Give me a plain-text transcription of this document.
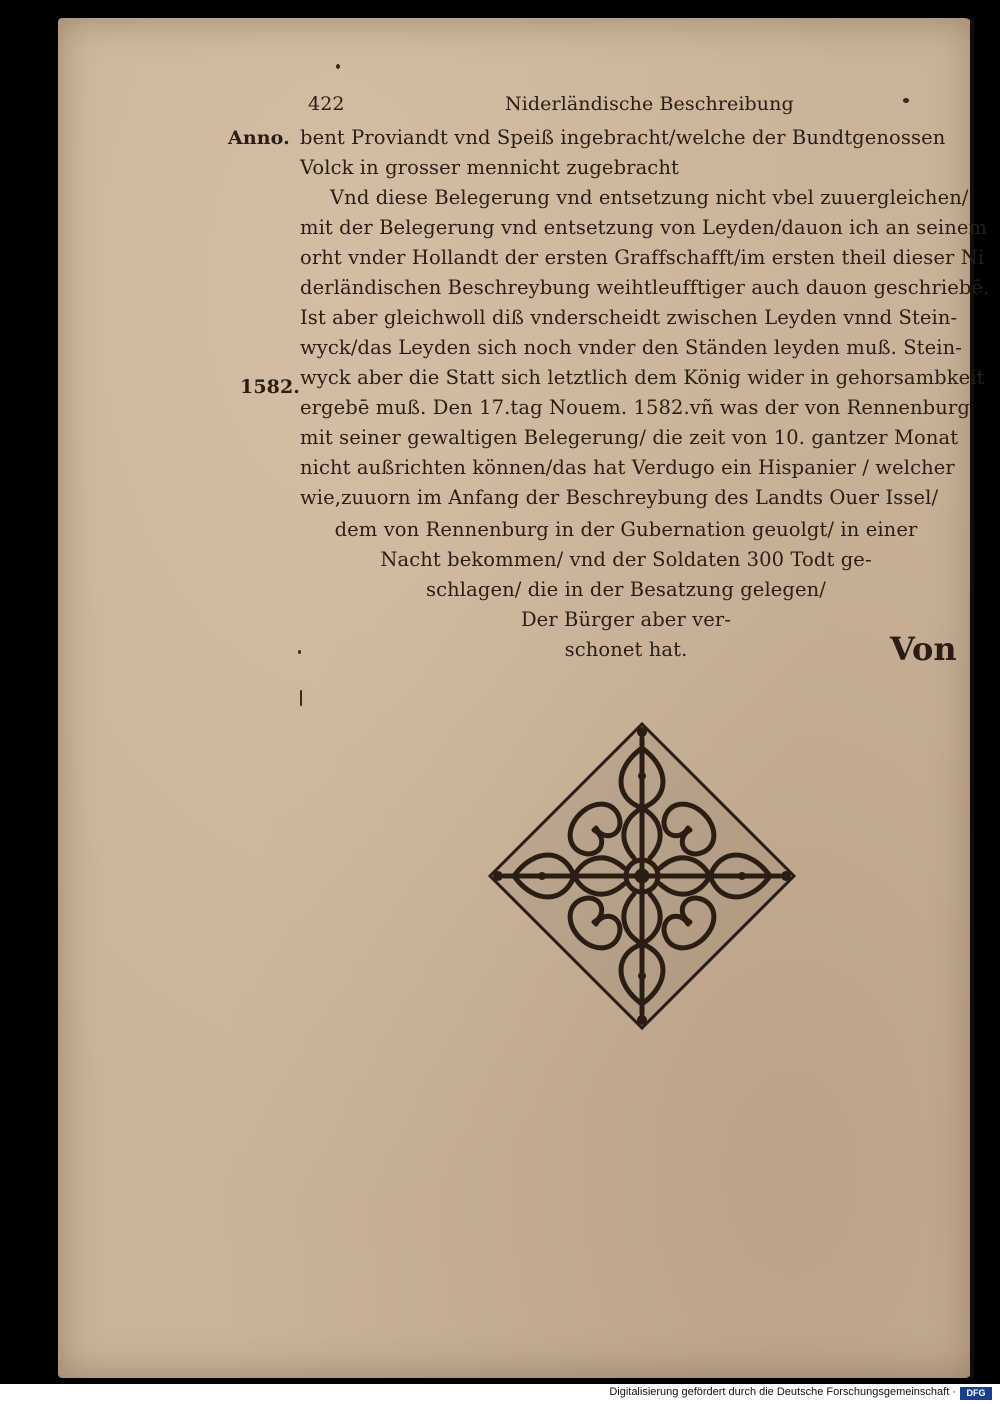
422	Niderländische Beschreibung
Anno.
1582.
bent Proviandt vnd Speiß ingebracht/welche der Bundtgenossen
Volck in grosser mennicht zugebracht
Vnd diese Belegerung vnd entsetzung nicht vbel zuuergleichen/
mit der Belegerung vnd entsetzung von Leyden/dauon ich an seinem
orht vnder Hollandt der ersten Graffschafft/im ersten theil dieser Ni
derländischen Beschreybung weihtleufftiger auch dauon geschriebē.
Ist aber gleichwoll diß vnderscheidt zwischen Leyden vnnd Stein-
wyck/das Leyden sich noch vnder den Ständen leyden muß. Stein-
wyck aber die Statt sich letztlich dem König wider in gehorsambkeit
ergebē muß. Den 17.tag Nouem. 1582.vñ was der von Rennenburg
mit seiner gewaltigen Belegerung/ die zeit von 10. gantzer Monat
nicht außrichten können/das hat Verdugo ein Hispanier / welcher
wie,zuuorn im Anfang der Beschreybung des Landts Ouer Issel/
dem von Rennenburg in der Gubernation geuolgt/ in einer
Nacht bekommen/ vnd der Soldaten 300 Todt ge-
schlagen/ die in der Besatzung gelegen/
Der Bürger aber ver-
schonet hat.	Von
Digitalisierung gefördert durch die Deutsche Forschungsgemeinschaft ·	DFG
